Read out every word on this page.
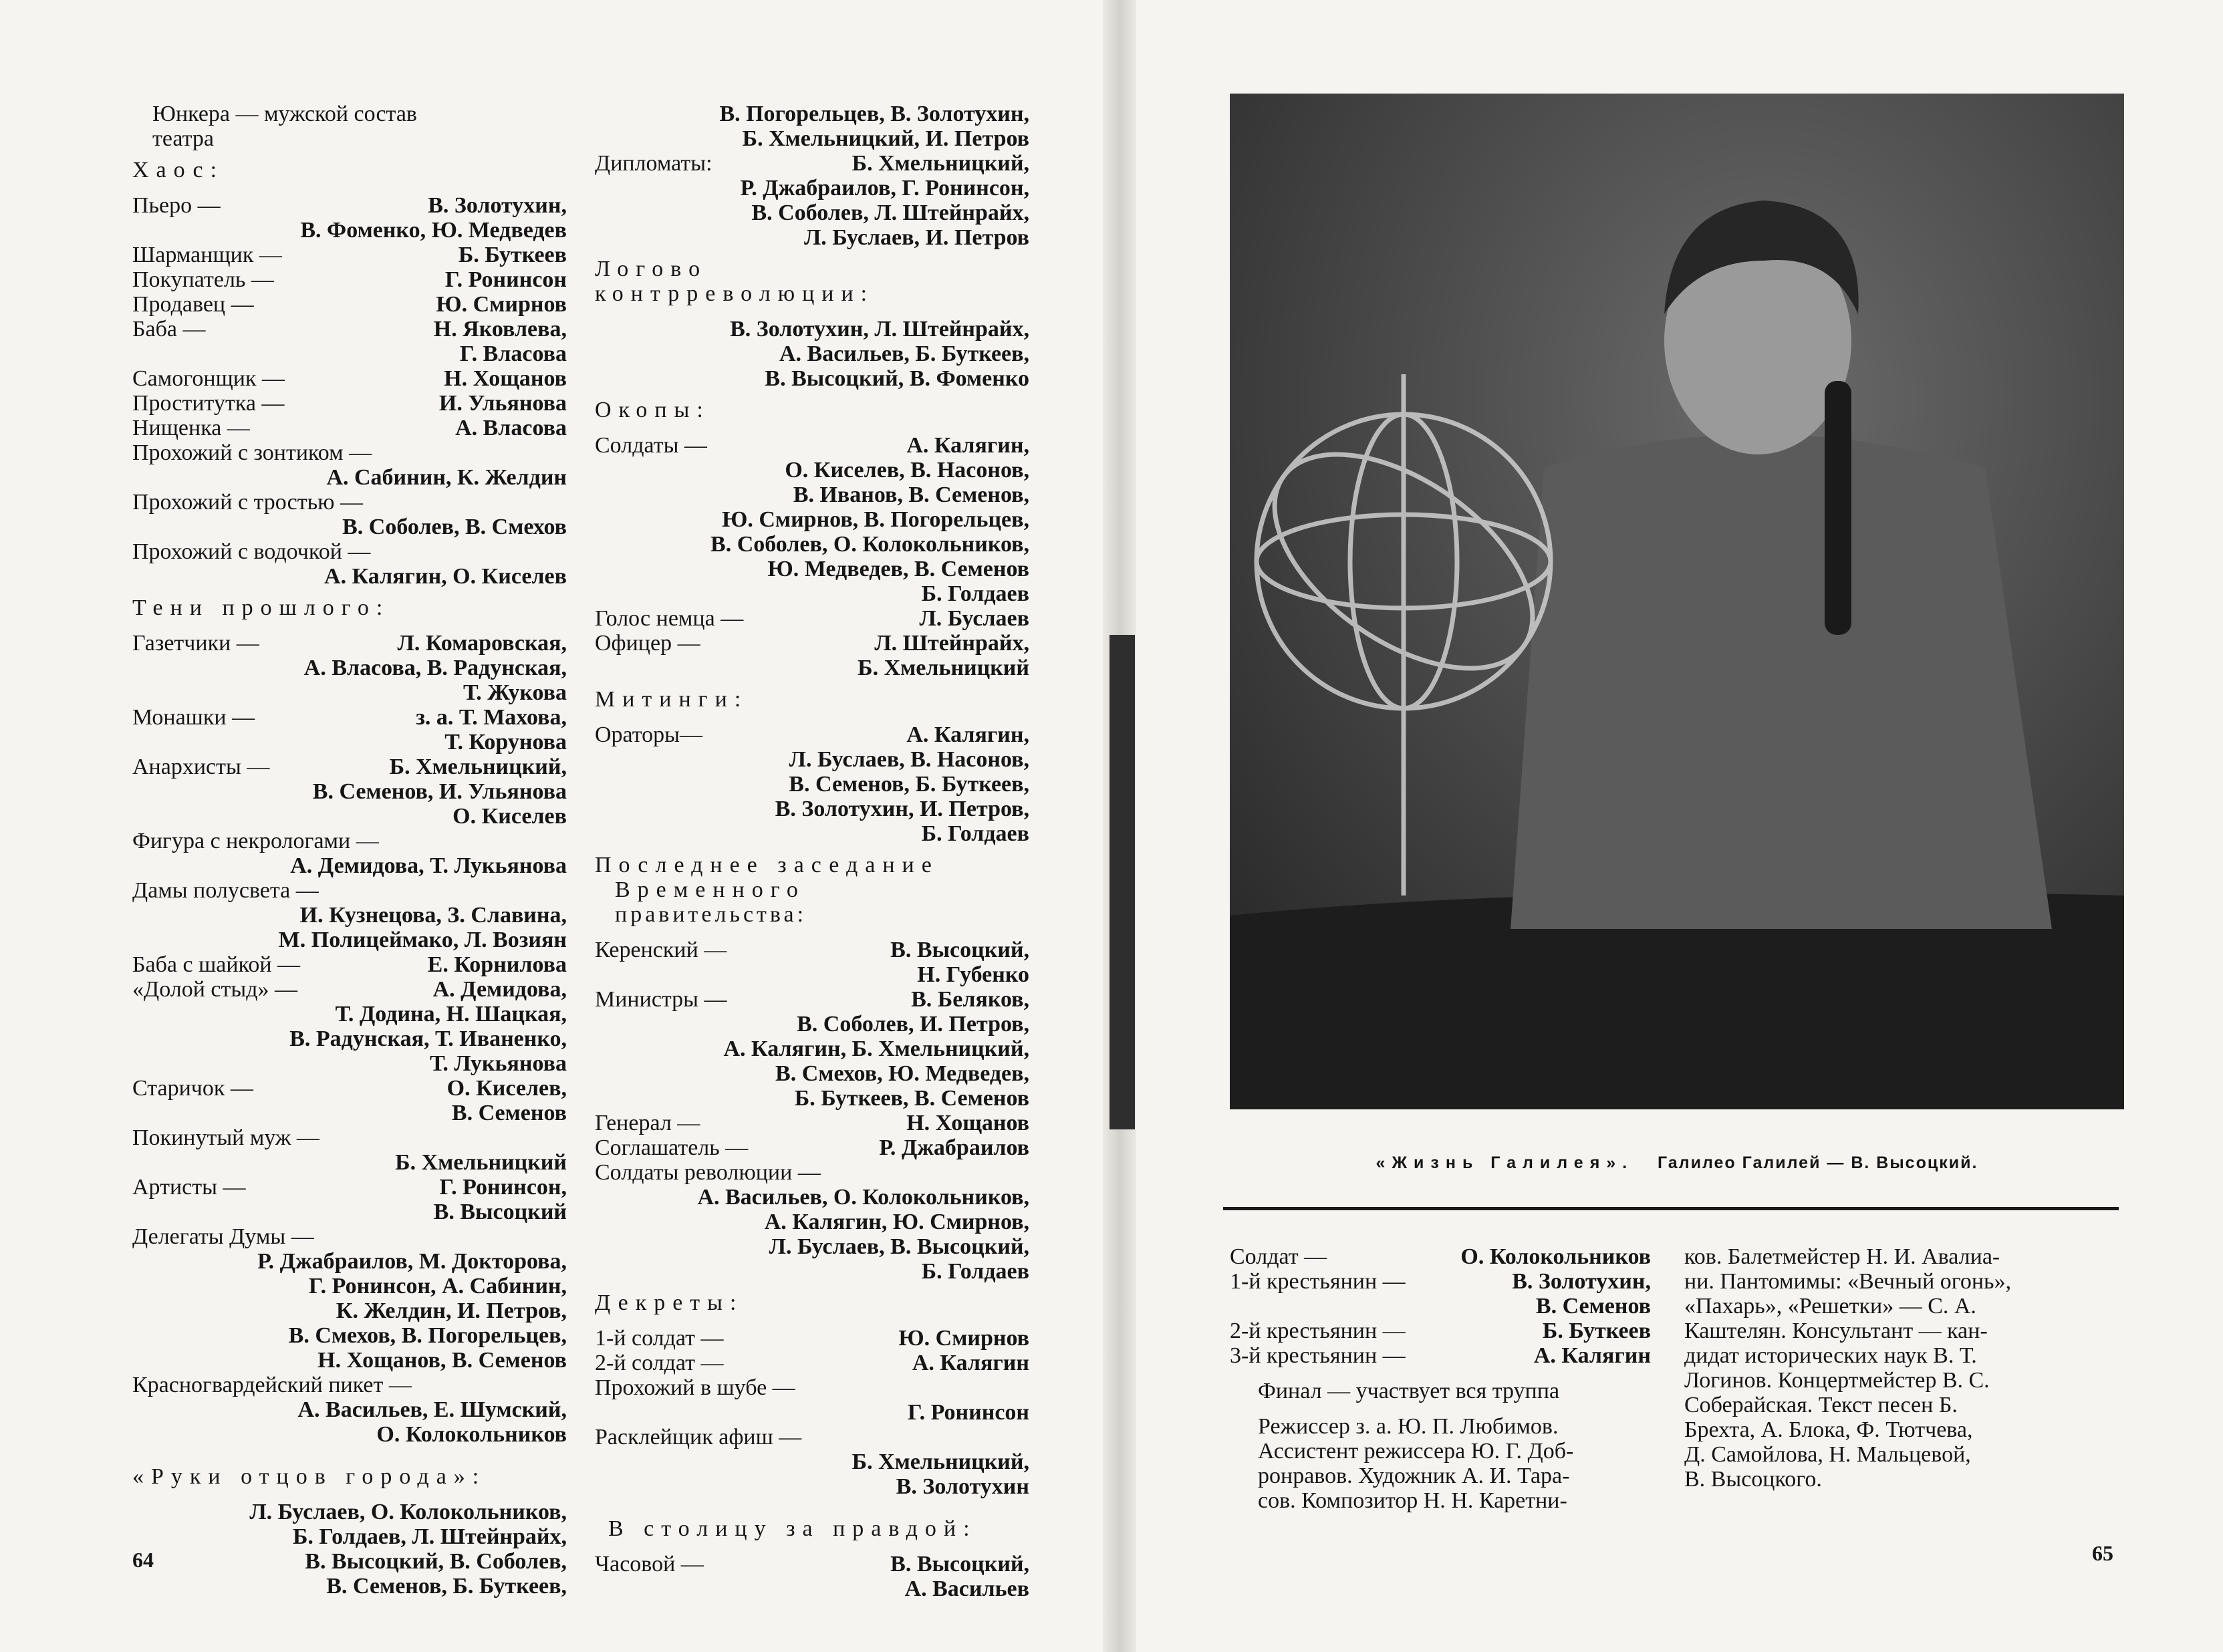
Юнкера — мужской состав
театра
Хаос:
Пьеро —	В. Золотухин,
В. Фоменко, Ю. Медведев
Шарманщик —	Б. Буткеев
Покупатель —	Г. Ронинсон
Продавец —	Ю. Смирнов
Баба —	Н. Яковлева,
Г. Власова
Самогонщик —	Н. Хощанов
Проститутка —	И. Ульянова
Нищенка —	А. Власова
Прохожий с зонтиком —
А. Сабинин, К. Желдин
Прохожий с тростью —
В. Соболев, В. Смехов
Прохожий с водочкой —
А. Калягин, О. Киселев
Тени прошлого:
Газетчики —	Л. Комаровская,
А. Власова, В. Радунская,
Т. Жукова
Монашки —	з. а. Т. Махова,
Т. Корунова
Анархисты —	Б. Хмельницкий,
В. Семенов, И. Ульянова
О. Киселев
Фигура с некрологами —
А. Демидова, Т. Лукьянова
Дамы полусвета —
И. Кузнецова, З. Славина,
М. Полицеймако, Л. Возиян
Баба с шайкой —	Е. Корнилова
«Долой стыд» —	А. Демидова,
Т. Додина, Н. Шацкая,
В. Радунская, Т. Иваненко,
Т. Лукьянова
Старичок —	О. Киселев,
В. Семенов
Покинутый муж —
Б. Хмельницкий
Артисты —	Г. Ронинсон,
В. Высоцкий
Делегаты Думы —
Р. Джабраилов, М. Докторова,
Г. Ронинсон, А. Сабинин,
К. Желдин, И. Петров,
В. Смехов, В. Погорельцев,
Н. Хощанов, В. Семенов
Красногвардейский пикет —
А. Васильев, Е. Шумский,
О. Колокольников
«Руки отцов города»:
Л. Буслаев, О. Колокольников,
Б. Голдаев, Л. Штейнрайх,
В. Высоцкий, В. Соболев,
В. Семенов, Б. Буткеев,
В. Погорельцев, В. Золотухин,
Б. Хмельницкий, И. Петров
Дипломаты:	Б. Хмельницкий,
Р. Джабраилов, Г. Ронинсон,
В. Соболев, Л. Штейнрайх,
Л. Буслаев, И. Петров
Логово
контрреволюции:
В. Золотухин, Л. Штейнрайх,
А. Васильев, Б. Буткеев,
В. Высоцкий, В. Фоменко
Окопы:
Солдаты —	А. Калягин,
О. Киселев, В. Насонов,
В. Иванов, В. Семенов,
Ю. Смирнов, В. Погорельцев,
В. Соболев, О. Колокольников,
Ю. Медведев, В. Семенов
Б. Голдаев
Голос немца —	Л. Буслаев
Офицер —	Л. Штейнрайх,
Б. Хмельницкий
Митинги:
Ораторы—	А. Калягин,
Л. Буслаев, В. Насонов,
В. Семенов, Б. Буткеев,
В. Золотухин, И. Петров,
Б. Голдаев
Последнее заседание
Временного
правительства:
Керенский —	В. Высоцкий,
Н. Губенко
Министры —	В. Беляков,
В. Соболев, И. Петров,
А. Калягин, Б. Хмельницкий,
В. Смехов, Ю. Медведев,
Б. Буткеев, В. Семенов
Генерал —	Н. Хощанов
Соглашатель —	Р. Джабраилов
Солдаты революции —
А. Васильев, О. Колокольников,
А. Калягин, Ю. Смирнов,
Л. Буслаев, В. Высоцкий,
Б. Голдаев
Декреты:
1-й солдат —	Ю. Смирнов
2-й солдат —	А. Калягин
Прохожий в шубе —
Г. Ронинсон
Расклейщик афиш —
Б. Хмельницкий,
В. Золотухин
В столицу за правдой:
Часовой —	В. Высоцкий,
А. Васильев
64
«Жизнь Галилея». Галилео Галилей — В. Высоцкий.
Солдат —	О. Колокольников
1-й крестьянин —	В. Золотухин,
В. Семенов
2-й крестьянин —	Б. Буткеев
3-й крестьянин —	А. Калягин
Финал — участвует вся труппа
Режиссер з. а. Ю. П. Любимов.
Ассистент режиссера Ю. Г. Доб-
ронравов. Художник А. И. Тара-
сов. Композитор Н. Н. Каретни-
ков. Балетмейстер Н. И. Авалиа-
ни. Пантомимы: «Вечный огонь»,
«Пахарь», «Решетки» — С. А.
Каштелян. Консультант — кан-
дидат исторических наук В. Т.
Логинов. Концертмейстер В. С.
Соберайская. Текст песен Б.
Брехта, А. Блока, Ф. Тютчева,
Д. Самойлова, Н. Мальцевой,
В. Высоцкого.
65
